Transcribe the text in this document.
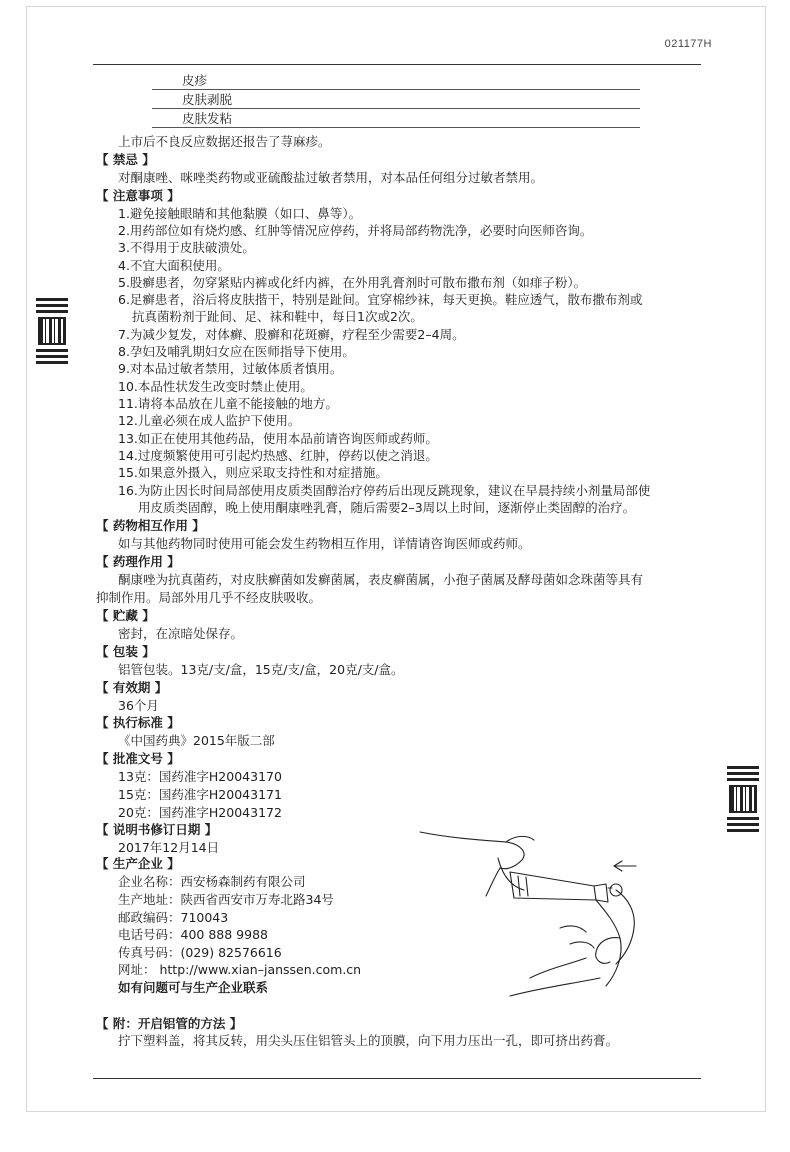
021177H
皮疹
皮肤剥脱
皮肤发粘
上市后不良反应数据还报告了荨麻疹。
【 禁忌 】
对酮康唑、咪唑类药物或亚硫酸盐过敏者禁用，对本品任何组分过敏者禁用。
【 注意事项 】
1.避免接触眼睛和其他黏膜（如口、鼻等）。
2.用药部位如有烧灼感、红肿等情况应停药，并将局部药物洗净，必要时向医师咨询。
3.不得用于皮肤破溃处。
4.不宜大面积使用。
5.股癣患者，勿穿紧贴内裤或化纤内裤，在外用乳膏剂时可散布撒布剂（如痱子粉）。
6.足癣患者，浴后将皮肤揩干，特别是趾间。宜穿棉纱袜，每天更换。鞋应透气，散布撒布剂或
抗真菌粉剂于趾间、足、袜和鞋中，每日1次或2次。
7.为减少复发，对体癣、股癣和花斑癣，疗程至少需要2–4周。
8.孕妇及哺乳期妇女应在医师指导下使用。
9.对本品过敏者禁用，过敏体质者慎用。
10.本品性状发生改变时禁止使用。
11.请将本品放在儿童不能接触的地方。
12.儿童必须在成人监护下使用。
13.如正在使用其他药品，使用本品前请咨询医师或药师。
14.过度频繁使用可引起灼热感、红肿，停药以使之消退。
15.如果意外摄入，则应采取支持性和对症措施。
16.为防止因长时间局部使用皮质类固醇治疗停药后出现反跳现象，建议在早晨持续小剂量局部使
用皮质类固醇，晚上使用酮康唑乳膏，随后需要2–3周以上时间，逐渐停止类固醇的治疗。
【 药物相互作用 】
如与其他药物同时使用可能会发生药物相互作用，详情请咨询医师或药师。
【 药理作用 】
酮康唑为抗真菌药，对皮肤癣菌如发癣菌属，表皮癣菌属，小孢子菌属及酵母菌如念珠菌等具有
抑制作用。局部外用几乎不经皮肤吸收。
【 贮藏 】
密封，在凉暗处保存。
【 包装 】
铝管包装。13克/支/盒，15克/支/盒，20克/支/盒。
【 有效期 】
36个月
【 执行标准 】
《中国药典》2015年版二部
【 批准文号 】
13克：国药准字H20043170
15克：国药准字H20043171
20克：国药准字H20043172
【 说明书修订日期 】
2017年12月14日
【 生产企业 】
企业名称：西安杨森制药有限公司
生产地址：陕西省西安市万寿北路34号
邮政编码：710043
电话号码：400 888 9988
传真号码：(029) 82576616
网址： http://www.xian–janssen.com.cn
如有问题可与生产企业联系
【 附：开启铝管的方法 】
拧下塑料盖，将其反转，用尖头压住铝管头上的顶膜，向下用力压出一孔，即可挤出药膏。
